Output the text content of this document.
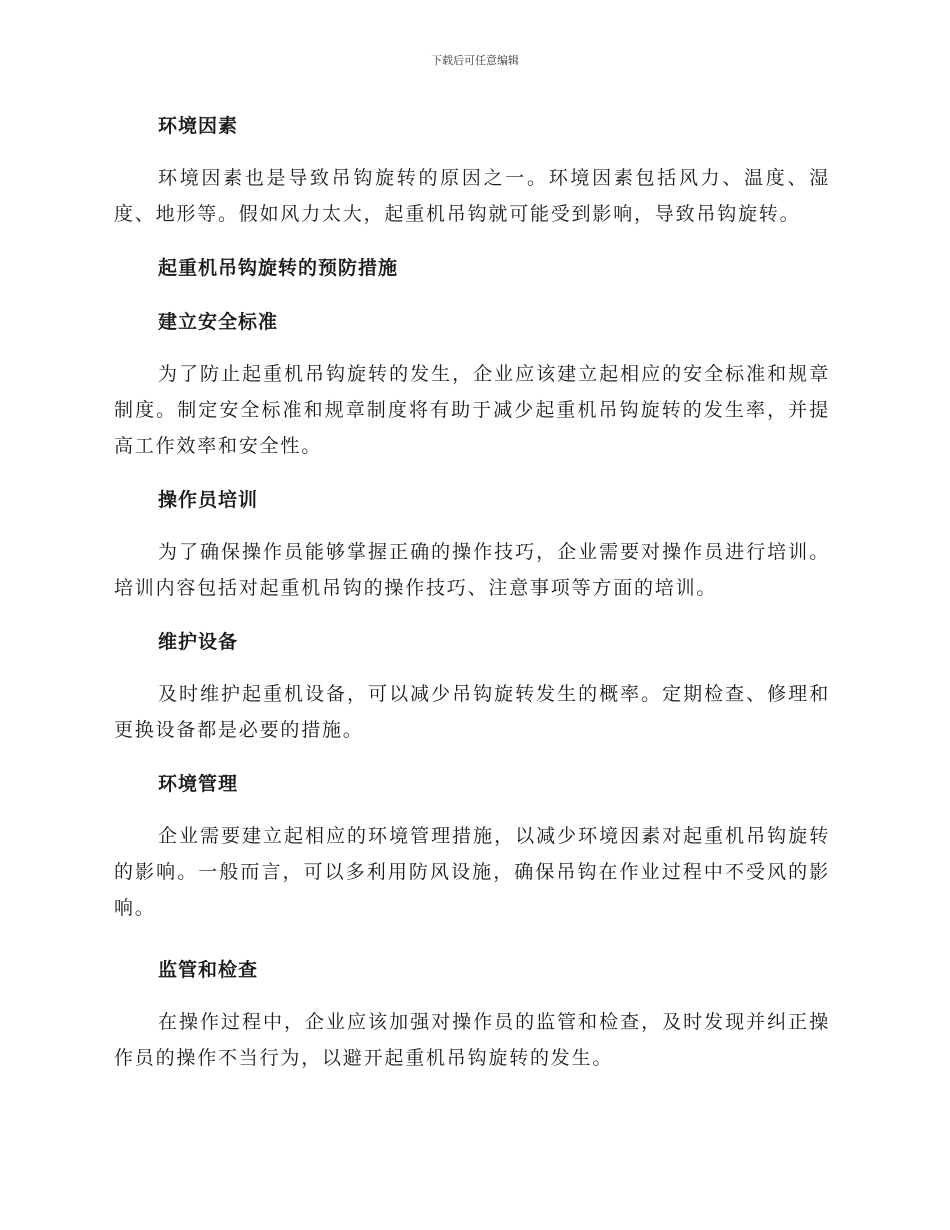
下载后可任意编辑
环境因素

环境因素也是导致吊钩旋转的原因之一。环境因素包括风力、温度、湿度、地形等。假如风力太大，起重机吊钩就可能受到影响，导致吊钩旋转。

起重机吊钩旋转的预防措施
建立安全标准

为了防止起重机吊钩旋转的发生，企业应该建立起相应的安全标准和规章制度。制定安全标准和规章制度将有助于减少起重机吊钩旋转的发生率，并提高工作效率和安全性。

操作员培训

为了确保操作员能够掌握正确的操作技巧，企业需要对操作员进行培训。培训内容包括对起重机吊钩的操作技巧、注意事项等方面的培训。

维护设备

及时维护起重机设备，可以减少吊钩旋转发生的概率。定期检查、修理和更换设备都是必要的措施。

环境管理

企业需要建立起相应的环境管理措施，以减少环境因素对起重机吊钩旋转的影响。一般而言，可以多利用防风设施，确保吊钩在作业过程中不受风的影响。

监管和检查

在操作过程中，企业应该加强对操作员的监管和检查，及时发现并纠正操作员的操作不当行为，以避开起重机吊钩旋转的发生。
